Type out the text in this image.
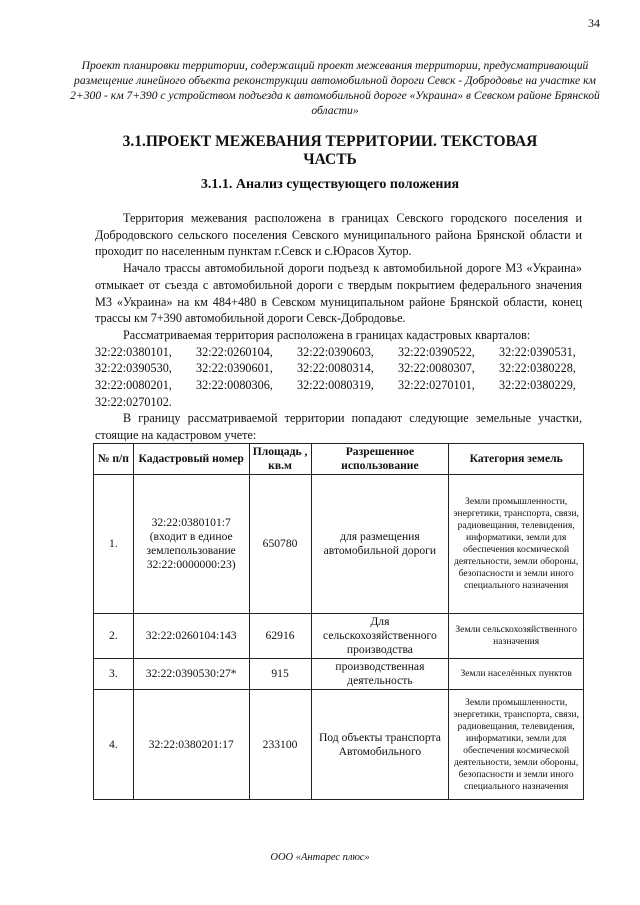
34
Проект планировки территории, содержащий проект межевания территории, предусматривающий размещение линейного объекта реконструкции автомобильной дороги Севск - Добродовье на участке км 2+300 - км 7+390 с устройством подъезда к автомобильной дороге «Украина» в Севском районе Брянской области»
3.1.ПРОЕКТ МЕЖЕВАНИЯ ТЕРРИТОРИИ. ТЕКСТОВАЯ ЧАСТЬ
3.1.1. Анализ существующего положения

Территория межевания расположена в границах Севского городского поселения и Добродовского сельского поселения Севского муниципального района Брянской области и проходит по населенным пунктам г.Севск и с.Юрасов Хутор.

Начало трассы автомобильной дороги подъезд к автомобильной дороге М3 «Украина» отмыкает от съезда с автомобильной дороги с твердым покрытием федерального значения М3 «Украина» на км 484+480 в Севском муниципальном районе Брянской области, конец трассы км 7+390 автомобильной дороги Севск-Добродовье.

Рассматриваемая территория расположена в границах кадастровых кварталов:

32:22:0380101,	32:22:0260104,	32:22:0390603,	32:22:0390522,	32:22:0390531,
32:22:0390530,	32:22:0390601,	32:22:0080314,	32:22:0080307,	32:22:0380228,
32:22:0080201,	32:22:0080306,	32:22:0080319,	32:22:0270101,	32:22:0380229,
32:22:0270102.

В границу рассматриваемой территории попадают следующие земельные участки, стоящие на кадастровом учете:

№ п/п	Кадастровый номер	Площадь , кв.м	Разрешенное использование	Категория земель
1.	32:22:0380101:7 (входит в единое землепользование 32:22:0000000:23)	650780	для размещения автомобильной дороги	Земли промышленности, энергетики, транспорта, связи, радиовещания, телевидения, информатики, земли для обеспечения космической деятельности, земли обороны, безопасности и земли иного специального назначения
2.	32:22:0260104:143	62916	Для сельскохозяйственного производства	Земли сельскохозяйственного назначения
3.	32:22:0390530:27*	915	производственная деятельность	Земли населённых пунктов
4.	32:22:0380201:17	233100	Под объекты транспорта Автомобильного	Земли промышленности, энергетики, транспорта, связи, радиовещания, телевидения, информатики, земли для обеспечения космической деятельности, земли обороны, безопасности и земли иного специального назначения
ООО «Антарес плюс»
